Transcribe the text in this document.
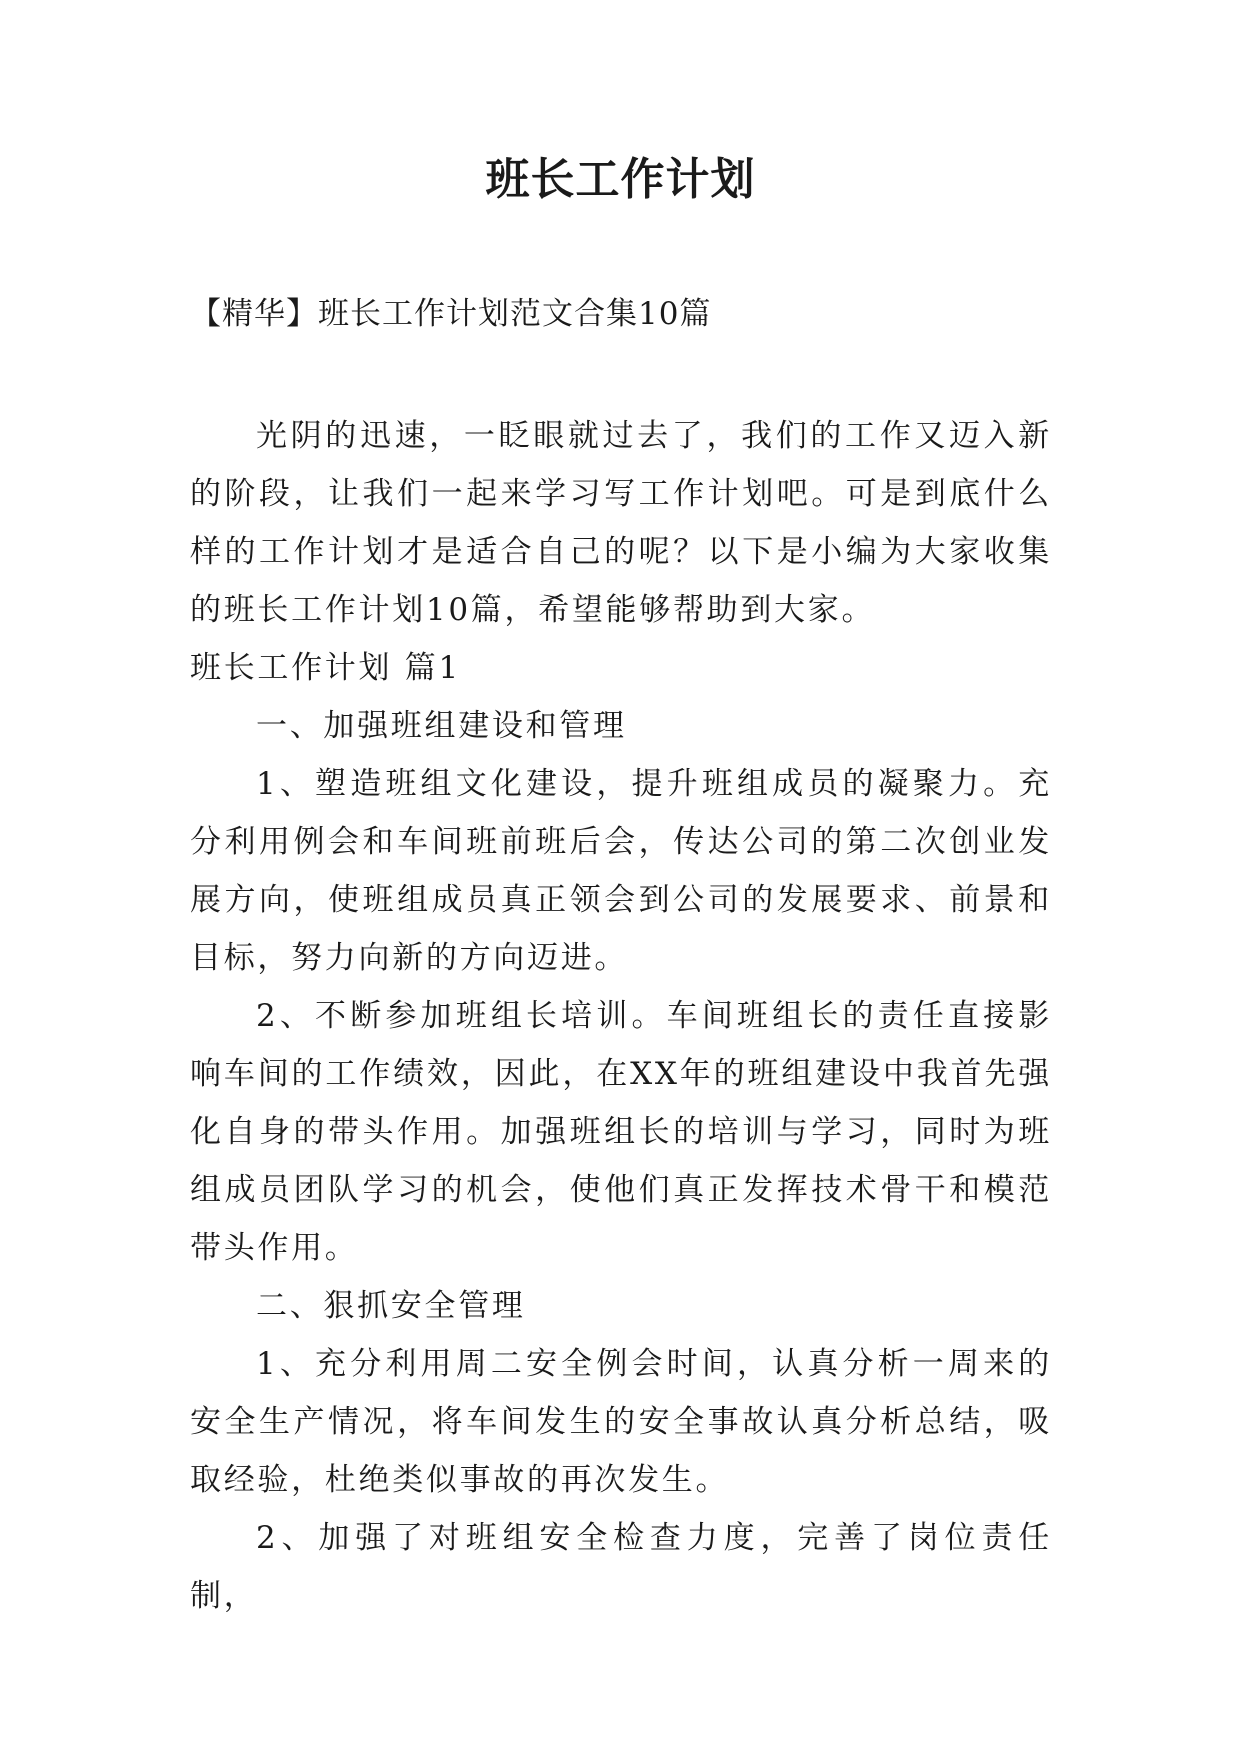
班长工作计划
【精华】班长工作计划范文合集10篇

光阴的迅速，一眨眼就过去了，我们的工作又迈入新的阶段，让我们一起来学习写工作计划吧。可是到底什么样的工作计划才是适合自己的呢？以下是小编为大家收集的班长工作计划10篇，希望能够帮助到大家。

班长工作计划 篇1

一、加强班组建设和管理

1、塑造班组文化建设，提升班组成员的凝聚力。充分利用例会和车间班前班后会，传达公司的第二次创业发展方向，使班组成员真正领会到公司的发展要求、前景和目标，努力向新的方向迈进。

2、不断参加班组长培训。车间班组长的责任直接影响车间的工作绩效，因此，在XX年的班组建设中我首先强化自身的带头作用。加强班组长的培训与学习，同时为班组成员团队学习的机会，使他们真正发挥技术骨干和模范带头作用。

二、狠抓安全管理

1、充分利用周二安全例会时间，认真分析一周来的安全生产情况，将车间发生的安全事故认真分析总结，吸取经验，杜绝类似事故的再次发生。

2、加强了对班组安全检查力度，完善了岗位责任制，
